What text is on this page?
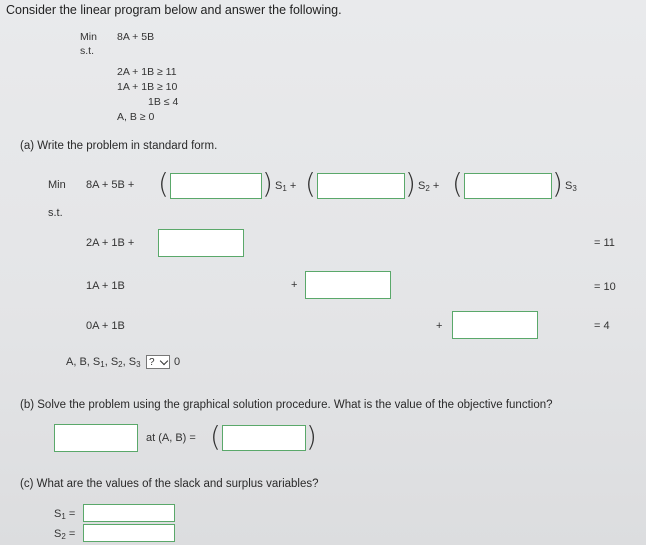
Consider the linear program below and answer the following.
Min 8A + 5B
s.t.
2A + 1B ≥ 11
1A + 1B ≥ 10
1B ≤ 4
A, B ≥ 0
(a) Write the problem in standard form.
Min 8A + 5B + (	) $S_1$ + (	) $S_2$ + (	) $S_3$
s.t.
2A + 1B +	= 11
1A + 1B	+	= 10
0A + 1B	+	= 4
A, B, $S_1$, $S_2$, $S_3$ ? 0
(b) Solve the problem using the graphical solution procedure. What is the value of the objective function?
at (A, B) = (	)
(c) What are the values of the slack and surplus variables?
$S_1$ =
$S_2$ =
